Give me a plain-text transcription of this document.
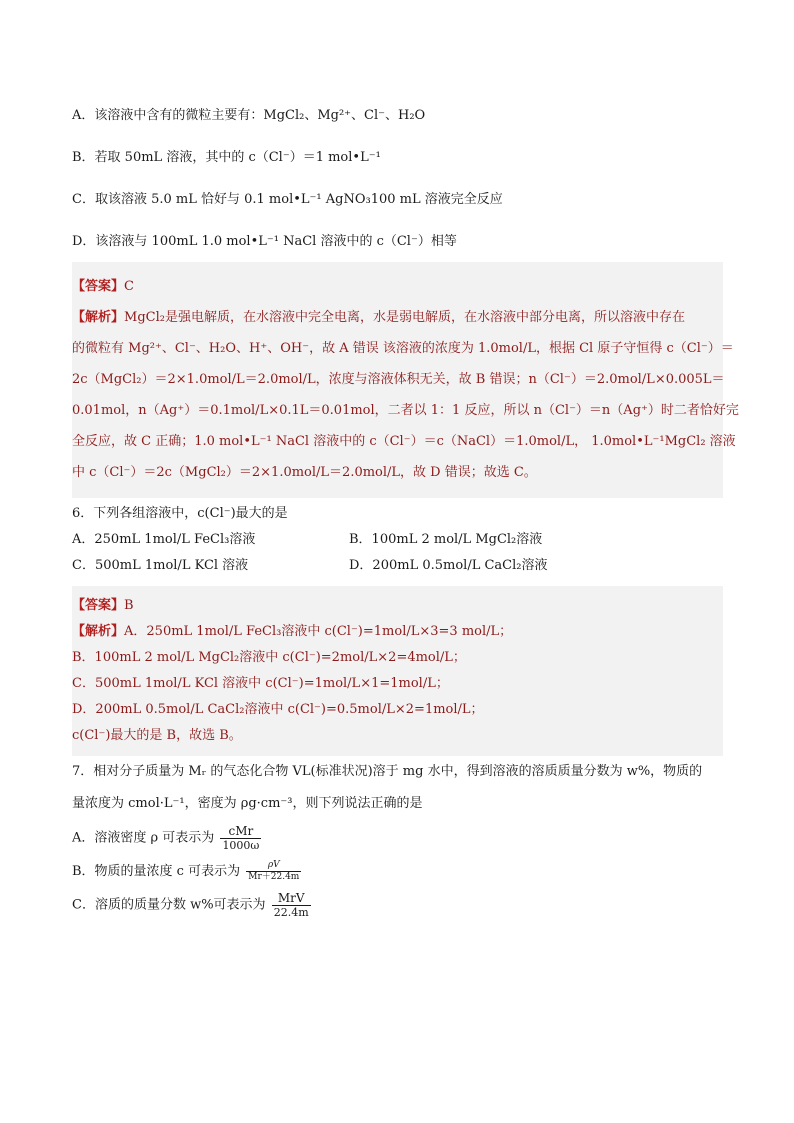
A．该溶液中含有的微粒主要有：MgCl₂、Mg²⁺、Cl⁻、H₂O
B．若取 50mL 溶液，其中的 c（Cl⁻）＝1 mol•L⁻¹
C．取该溶液 5.0 mL 恰好与 0.1 mol•L⁻¹ AgNO₃100 mL 溶液完全反应
D．该溶液与 100mL 1.0 mol•L⁻¹ NaCl 溶液中的 c（Cl⁻）相等
【答案】C
【解析】MgCl₂是强电解质，在水溶液中完全电离，水是弱电解质，在水溶液中部分电离，所以溶液中存在
的微粒有 Mg²⁺、Cl⁻、H₂O、H⁺、OH⁻，故 A 错误 该溶液的浓度为 1.0mol/L，根据 Cl 原子守恒得 c（Cl⁻）＝
2c（MgCl₂）＝2×1.0mol/L＝2.0mol/L，浓度与溶液体积无关，故 B 错误；n（Cl⁻）＝2.0mol/L×0.005L＝
0.01mol，n（Ag⁺）＝0.1mol/L×0.1L＝0.01mol，二者以 1：1 反应，所以 n（Cl⁻）＝n（Ag⁺）时二者恰好完
全反应，故 C 正确；1.0 mol•L⁻¹ NaCl 溶液中的 c（Cl⁻）＝c（NaCl）＝1.0mol/L， 1.0mol•L⁻¹MgCl₂ 溶液
中 c（Cl⁻）＝2c（MgCl₂）＝2×1.0mol/L＝2.0mol/L，故 D 错误；故选 C。
6．下列各组溶液中，c(Cl⁻)最大的是
A．250mL 1mol/L FeCl₃溶液	B．100mL 2 mol/L MgCl₂溶液
C．500mL 1mol/L KCl 溶液	D．200mL 0.5mol/L CaCl₂溶液
【答案】B
【解析】A．250mL 1mol/L FeCl₃溶液中 c(Cl⁻)=1mol/L×3=3 mol/L；
B．100mL 2 mol/L MgCl₂溶液中 c(Cl⁻)=2mol/L×2=4mol/L；
C．500mL 1mol/L KCl 溶液中 c(Cl⁻)=1mol/L×1=1mol/L；
D．200mL 0.5mol/L CaCl₂溶液中 c(Cl⁻)=0.5mol/L×2=1mol/L；
c(Cl⁻)最大的是 B，故选 B。
7．相对分子质量为 Mᵣ 的气态化合物 VL(标准状况)溶于 mg 水中，得到溶液的溶质质量分数为 w%，物质的
量浓度为 cmol·L⁻¹，密度为 ρg·cm⁻³，则下列说法正确的是
A．溶液密度 ρ 可表示为 $\frac{\text{cMr}}{1000\omega}$
B．物质的量浓度 c 可表示为 $\frac{\rho V}{Mr+22.4m}$
C．溶质的质量分数 w%可表示为 $\frac{\text{MrV}}{22.4m}$
